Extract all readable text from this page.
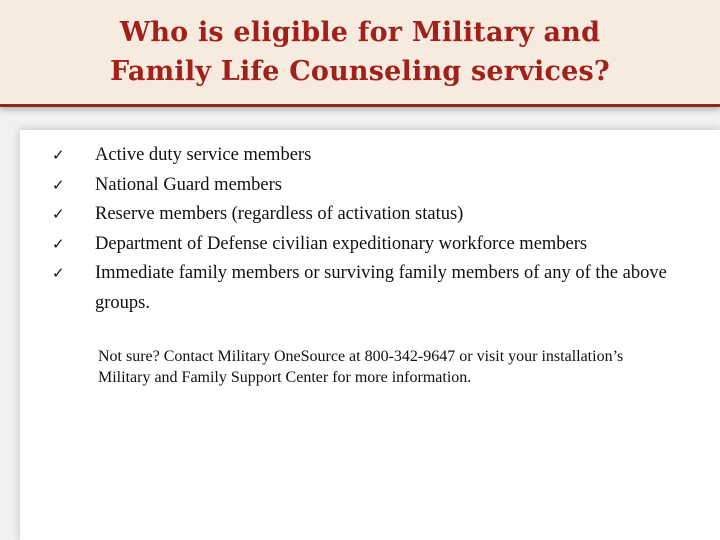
Who is eligible for Military and
Family Life Counseling services?
✓ Active duty service members
✓ National Guard members
✓ Reserve members (regardless of activation status)
✓ Department of Defense civilian expeditionary workforce members
✓ Immediate family members or surviving family members of any of the above groups.

Not sure? Contact Military OneSource at 800-342-9647 or visit your installation’s Military and Family Support Center for more information.
